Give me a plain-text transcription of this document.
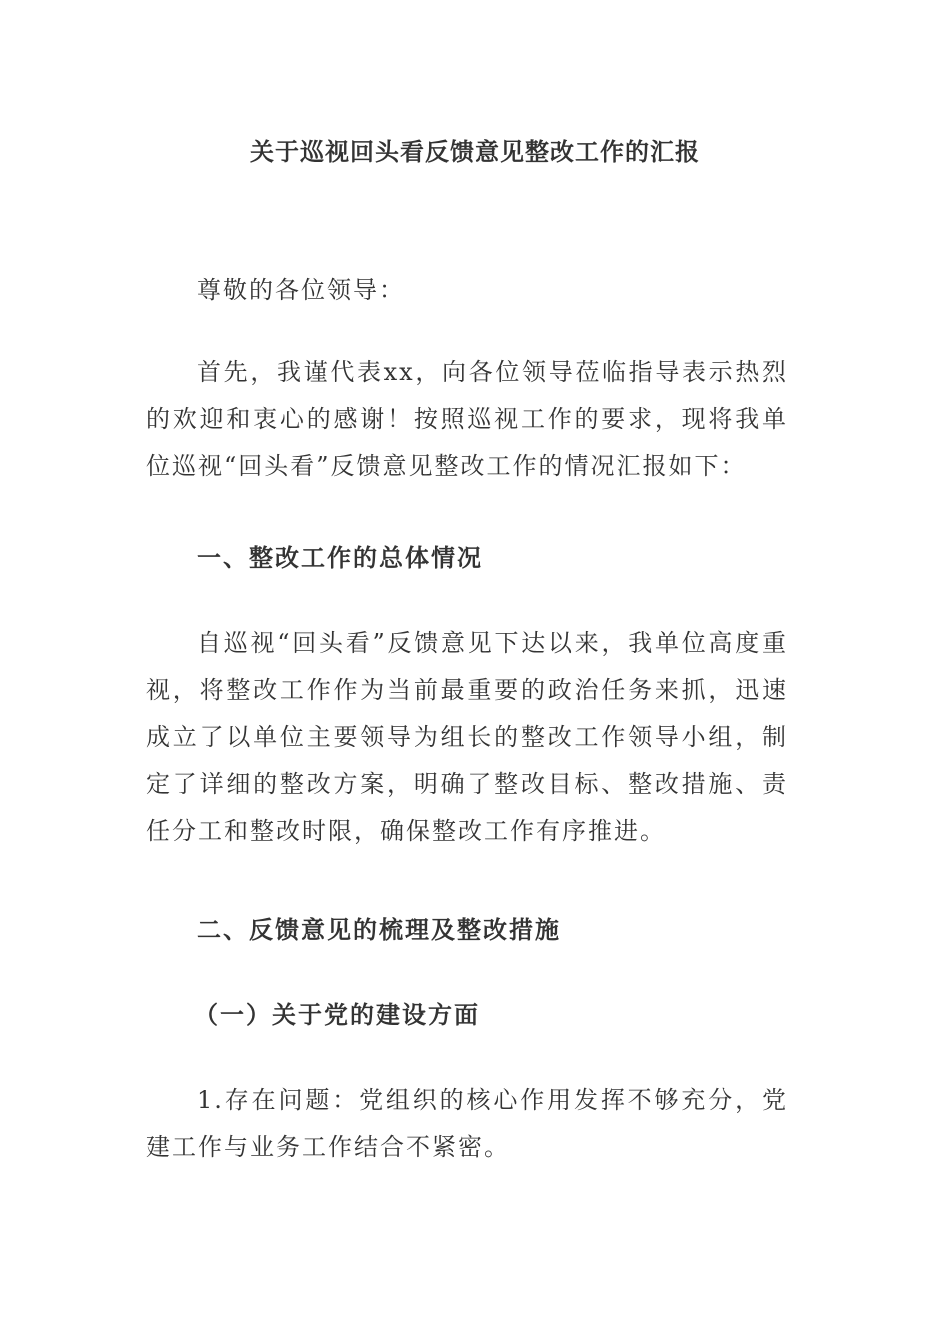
关于巡视回头看反馈意见整改工作的汇报
尊敬的各位领导：
首先，我谨代表xx，向各位领导莅临指导表示热烈的欢迎和衷心的感谢！按照巡视工作的要求，现将我单位巡视“回头看”反馈意见整改工作的情况汇报如下：
一、整改工作的总体情况
自巡视“回头看”反馈意见下达以来，我单位高度重视，将整改工作作为当前最重要的政治任务来抓，迅速成立了以单位主要领导为组长的整改工作领导小组，制定了详细的整改方案，明确了整改目标、整改措施、责任分工和整改时限，确保整改工作有序推进。
二、反馈意见的梳理及整改措施
（一）关于党的建设方面
1.存在问题：党组织的核心作用发挥不够充分，党建工作与业务工作结合不紧密。
